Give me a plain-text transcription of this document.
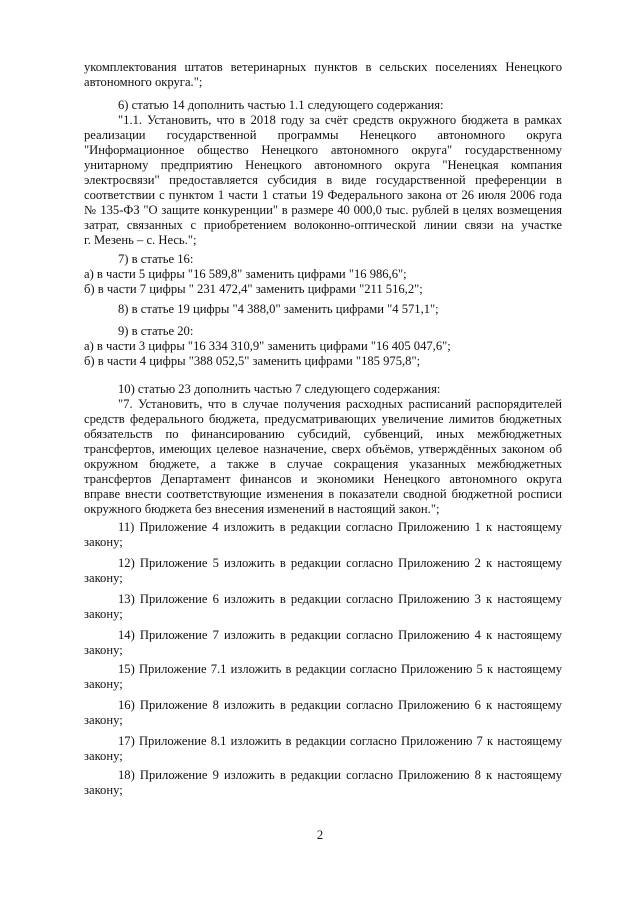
укомплектования штатов ветеринарных пунктов в сельских поселениях Ненецкого
автономного округа.";
6) статью 14 дополнить частью 1.1 следующего содержания:
"1.1. Установить, что в 2018 году за счёт средств окружного бюджета в рамках
реализации государственной программы Ненецкого автономного округа
"Информационное общество Ненецкого автономного округа" государственному
унитарному предприятию Ненецкого автономного округа "Ненецкая компания
электросвязи" предоставляется субсидия в виде государственной преференции в
соответствии с пунктом 1 части 1 статьи 19 Федерального закона от 26 июля 2006 года
№ 135-ФЗ "О защите конкуренции" в размере 40 000,0 тыс. рублей в целях возмещения
затрат, связанных с приобретением волоконно-оптической линии связи на участке
г. Мезень – с. Несь.";
7) в статье 16:
а) в части 5 цифры "16 589,8" заменить цифрами "16 986,6";
б) в части 7 цифры " 231 472,4" заменить цифрами "211 516,2";
8) в статье 19 цифры "4 388,0" заменить цифрами "4 571,1";
9) в статье 20:
а) в части 3 цифры "16 334 310,9" заменить цифрами "16 405 047,6";
б) в части 4 цифры "388 052,5" заменить цифрами "185 975,8";
10) статью 23 дополнить частью 7 следующего содержания:
"7. Установить, что в случае получения расходных расписаний распорядителей
средств федерального бюджета, предусматривающих увеличение лимитов бюджетных
обязательств по финансированию субсидий, субвенций, иных межбюджетных
трансфертов, имеющих целевое назначение, сверх объёмов, утверждённых законом об
окружном бюджете, а также в случае сокращения указанных межбюджетных
трансфертов Департамент финансов и экономики Ненецкого автономного округа
вправе внести соответствующие изменения в показатели сводной бюджетной росписи
окружного бюджета без внесения изменений в настоящий закон.";
11) Приложение 4 изложить в редакции согласно Приложению 1 к настоящему
закону;
12) Приложение 5 изложить в редакции согласно Приложению 2 к настоящему
закону;
13) Приложение 6 изложить в редакции согласно Приложению 3 к настоящему
закону;
14) Приложение 7 изложить в редакции согласно Приложению 4 к настоящему
закону;
15) Приложение 7.1 изложить в редакции согласно Приложению 5 к настоящему
закону;
16) Приложение 8 изложить в редакции согласно Приложению 6 к настоящему
закону;
17) Приложение 8.1 изложить в редакции согласно Приложению 7 к настоящему
закону;
18) Приложение 9 изложить в редакции согласно Приложению 8 к настоящему
закону;
2
